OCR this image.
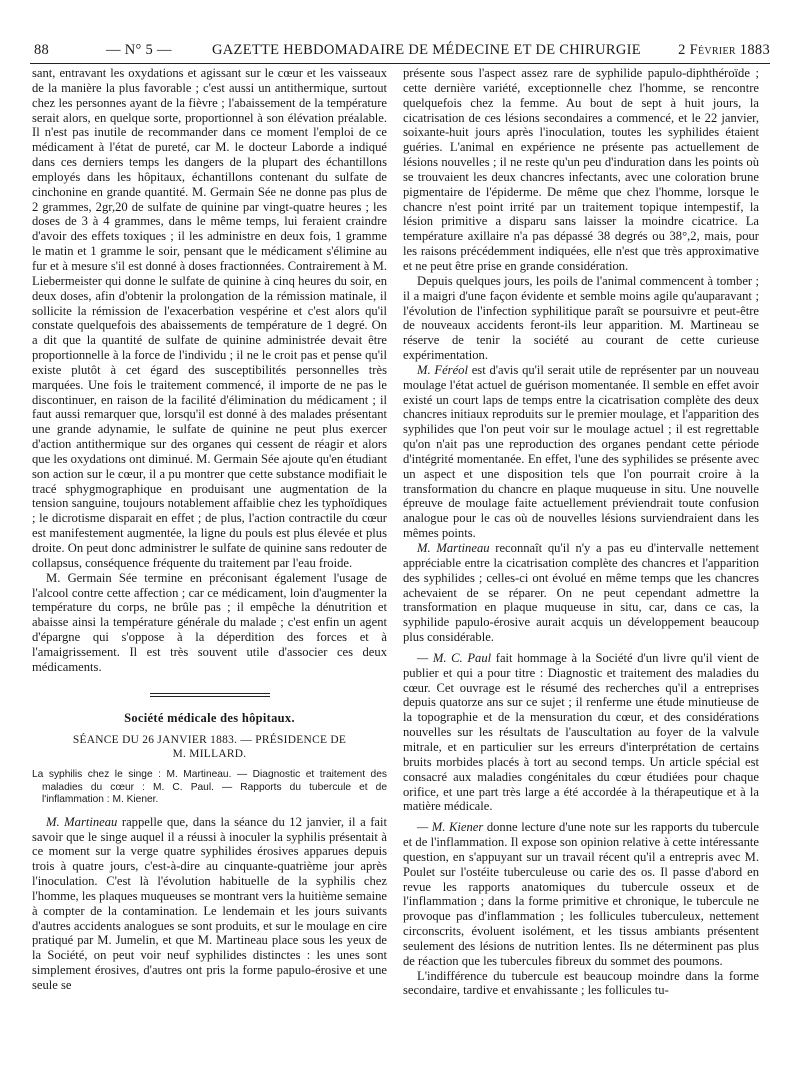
88	— N° 5 —	GAZETTE HEBDOMADAIRE DE MÉDECINE ET DE CHIRURGIE	2 Février 1883

sant, entravant les oxydations et agissant sur le cœur et les vaisseaux de la manière la plus favorable ; c'est aussi un antithermique, surtout chez les personnes ayant de la fièvre ; l'abaissement de la température serait alors, en quelque sorte, proportionnel à son élévation préalable. Il n'est pas inutile de recommander dans ce moment l'emploi de ce médicament à l'état de pureté, car M. le docteur Laborde a indiqué dans ces derniers temps les dangers de la plupart des échantillons employés dans les hôpitaux, échantillons contenant du sulfate de cinchonine en grande quantité. M. Germain Sée ne donne pas plus de 2 grammes, 2gr,20 de sulfate de quinine par vingt-quatre heures ; les doses de 3 à 4 grammes, dans le même temps, lui feraient craindre d'avoir des effets toxiques ; il les administre en deux fois, 1 gramme le matin et 1 gramme le soir, pensant que le médicament s'élimine au fur et à mesure s'il est donné à doses fractionnées. Contrairement à M. Liebermeister qui donne le sulfate de quinine à cinq heures du soir, en deux doses, afin d'obtenir la prolongation de la rémission matinale, il sollicite la rémission de l'exacerbation vespérine et c'est alors qu'il constate quelquefois des abaissements de température de 1 degré. On a dit que la quantité de sulfate de quinine administrée devait être proportionnelle à la force de l'individu ; il ne le croit pas et pense qu'il existe plutôt à cet égard des susceptibilités personnelles très marquées. Une fois le traitement commencé, il importe de ne pas le discontinuer, en raison de la facilité d'élimination du médicament ; il faut aussi remarquer que, lorsqu'il est donné à des malades présentant une grande adynamie, le sulfate de quinine ne peut plus exercer d'action antithermique sur des organes qui cessent de réagir et alors que les oxydations ont diminué. M. Germain Sée ajoute qu'en étudiant son action sur le cœur, il a pu montrer que cette substance modifiait le tracé sphygmographique en produisant une augmentation de la tension sanguine, toujours notablement affaiblie chez les typhoïdiques ; le dicrotisme disparait en effet ; de plus, l'action contractile du cœur est manifestement augmentée, la ligne du pouls est plus élevée et plus droite. On peut donc administrer le sulfate de quinine sans redouter de collapsus, conséquence fréquente du traitement par l'eau froide.

M. Germain Sée termine en préconisant également l'usage de l'alcool contre cette affection ; car ce médicament, loin d'augmenter la température du corps, ne brûle pas ; il empêche la dénutrition et abaisse ainsi la température générale du malade ; c'est enfin un agent d'épargne qui s'oppose à la déperdition des forces et à l'amaigrissement. Il est très souvent utile d'associer ces deux médicaments.

Société médicale des hôpitaux.
SÉANCE DU 26 JANVIER 1883. — PRÉSIDENCE DE
M. MILLARD.
La syphilis chez le singe : M. Martineau. — Diagnostic et traitement des maladies du cœur : M. C. Paul. — Rapports du tubercule et de l'inflammation : M. Kiener.

M. Martineau rappelle que, dans la séance du 12 janvier, il a fait savoir que le singe auquel il a réussi à inoculer la syphilis présentait à ce moment sur la verge quatre syphilides érosives apparues depuis trois à quatre jours, c'est-à-dire au cinquante-quatrième jour après l'inoculation. C'est là l'évolution habituelle de la syphilis chez l'homme, les plaques muqueuses se montrant vers la huitième semaine à compter de la contamination. Le lendemain et les jours suivants d'autres accidents analogues se sont produits, et sur le moulage en cire pratiqué par M. Jumelin, et que M. Martineau place sous les yeux de la Société, on peut voir neuf syphilides distinctes : les unes sont simplement érosives, d'autres ont pris la forme papulo-érosive et une seule se

présente sous l'aspect assez rare de syphilide papulo-diphthéroïde ; cette dernière variété, exceptionnelle chez l'homme, se rencontre quelquefois chez la femme. Au bout de sept à huit jours, la cicatrisation de ces lésions secondaires a commencé, et le 22 janvier, soixante-huit jours après l'inoculation, toutes les syphilides étaient guéries. L'animal en expérience ne présente pas actuellement de lésions nouvelles ; il ne reste qu'un peu d'induration dans les points où se trouvaient les deux chancres infectants, avec une coloration brune pigmentaire de l'épiderme. De même que chez l'homme, lorsque le chancre n'est point irrité par un traitement topique intempestif, la lésion primitive a disparu sans laisser la moindre cicatrice. La température axillaire n'a pas dépassé 38 degrés ou 38°,2, mais, pour les raisons précédemment indiquées, elle n'est que très approximative et ne peut être prise en grande considération.

Depuis quelques jours, les poils de l'animal commencent à tomber ; il a maigri d'une façon évidente et semble moins agile qu'auparavant ; l'évolution de l'infection syphilitique paraît se poursuivre et peut-être de nouveaux accidents feront-ils leur apparition. M. Martineau se réserve de tenir la société au courant de cette curieuse expérimentation.

M. Féréol est d'avis qu'il serait utile de représenter par un nouveau moulage l'état actuel de guérison momentanée. Il semble en effet avoir existé un court laps de temps entre la cicatrisation complète des deux chancres initiaux reproduits sur le premier moulage, et l'apparition des syphilides que l'on peut voir sur le moulage actuel ; il est regrettable qu'on n'ait pas une reproduction des organes pendant cette période d'intégrité momentanée. En effet, l'une des syphilides se présente avec un aspect et une disposition tels que l'on pourrait croire à la transformation du chancre en plaque muqueuse in situ. Une nouvelle épreuve de moulage faite actuellement préviendrait toute confusion analogue pour le cas où de nouvelles lésions surviendraient dans les mêmes points.

M. Martineau reconnaît qu'il n'y a pas eu d'intervalle nettement appréciable entre la cicatrisation complète des chancres et l'apparition des syphilides ; celles-ci ont évolué en même temps que les chancres achevaient de se réparer. On ne peut cependant admettre la transformation en plaque muqueuse in situ, car, dans ce cas, la syphilide papulo-érosive aurait acquis un développement beaucoup plus considérable.

— M. C. Paul fait hommage à la Société d'un livre qu'il vient de publier et qui a pour titre : Diagnostic et traitement des maladies du cœur. Cet ouvrage est le résumé des recherches qu'il a entreprises depuis quatorze ans sur ce sujet ; il renferme une étude minutieuse de la topographie et de la mensuration du cœur, et des considérations nouvelles sur les résultats de l'auscultation au foyer de la valvule mitrale, et en particulier sur les erreurs d'interprétation de certains bruits morbides placés à tort au second temps. Un article spécial est consacré aux maladies congénitales du cœur étudiées pour chaque orifice, et une part très large a été accordée à la thérapeutique et à la matière médicale.

— M. Kiener donne lecture d'une note sur les rapports du tubercule et de l'inflammation. Il expose son opinion relative à cette intéressante question, en s'appuyant sur un travail récent qu'il a entrepris avec M. Poulet sur l'ostéite tuberculeuse ou carie des os. Il passe d'abord en revue les rapports anatomiques du tubercule osseux et de l'inflammation ; dans la forme primitive et chronique, le tubercule ne provoque pas d'inflammation ; les follicules tuberculeux, nettement circonscrits, évoluent isolément, et les tissus ambiants présentent seulement des lésions de nutrition lentes. Ils ne déterminent pas plus de réaction que les tubercules fibreux du sommet des poumons.

L'indifférence du tubercule est beaucoup moindre dans la forme secondaire, tardive et envahissante ; les follicules tu-
